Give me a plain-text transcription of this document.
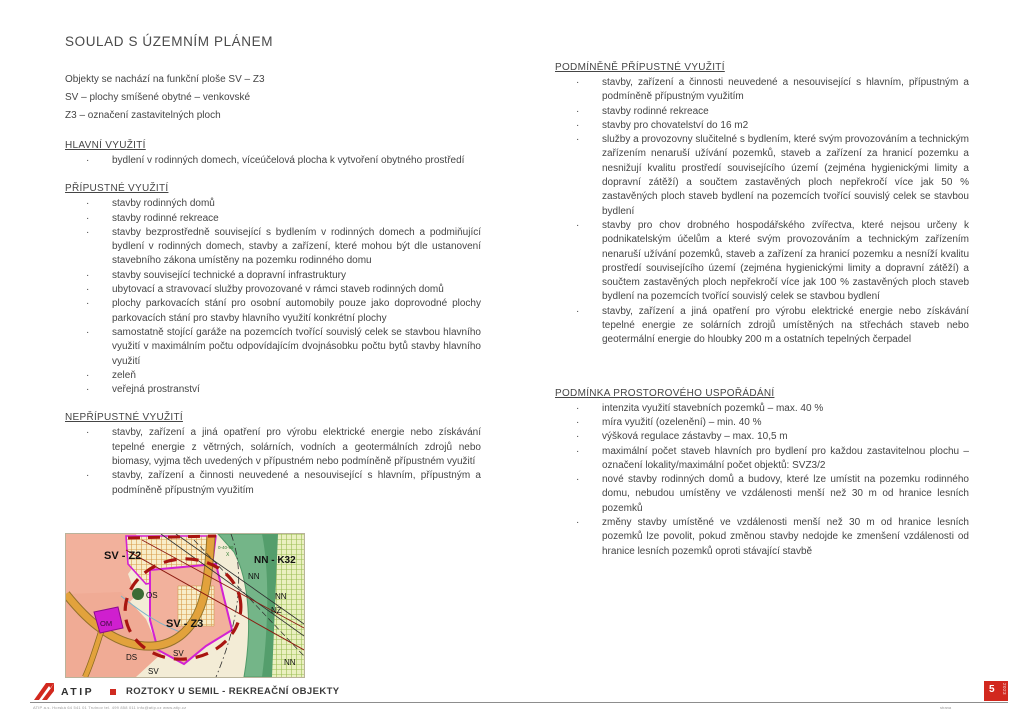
SOULAD S ÚZEMNÍM PLÁNEM
Objekty se nachází na funkční ploše SV – Z3
SV – plochy smíšené obytné – venkovské
Z3 – označení zastavitelných ploch
HLAVNÍ VYUŽITÍ
· bydlení v rodinných domech, víceúčelová plocha k vytvoření obytného prostředí
PŘÍPUSTNÉ VYUŽITÍ
· stavby rodinných domů
· stavby rodinné rekreace
· stavby bezprostředně související s bydlením v rodinných domech a podmiňující bydlení v rodinných domech, stavby a zařízení, které mohou být dle ustanovení stavebního zákona umístěny na pozemku rodinného domu
· stavby související technické a dopravní infrastruktury
· ubytovací a stravovací služby provozované v rámci staveb rodinných domů
· plochy parkovacích stání pro osobní automobily pouze jako doprovodné plochy parkovacích stání pro stavby hlavního využití konkrétní plochy
· samostatně stojící garáže na pozemcích tvořící souvislý celek se stavbou hlavního využití v maximálním počtu odpovídajícím dvojnásobku počtu bytů stavby hlavního využití
· zeleň
· veřejná prostranství
NEPŘÍPUSTNÉ VYUŽITÍ
· stavby, zařízení a jiná opatření pro výrobu elektrické energie nebo získávání tepelné energie z větrných, solárních, vodních a geotermálních zdrojů nebo biomasy, vyjma těch uvedených v přípustném nebo podmíněně přípustném využití
· stavby, zařízení a činnosti neuvedené a nesouvisející s hlavním, přípustným a podmíněně přípustným využitím
PODMÍNĚNĚ PŘÍPUSTNÉ VYUŽITÍ
· stavby, zařízení a činnosti neuvedené a nesouvisející s hlavním, přípustným a podmíněně přípustným využitím
· stavby rodinné rekreace
· stavby pro chovatelství do 16 m2
· služby a provozovny slučitelné s bydlením, které svým provozováním a technickým zařízením nenaruší užívání pozemků, staveb a zařízení za hranicí pozemku a nesnižují kvalitu prostředí souvisejícího území (zejména hygienickými limity a dopravní zátěží) a součtem zastavěných ploch nepřekročí více jak 50 % zastavěných ploch staveb bydlení na pozemcích tvořící souvislý celek se stavbou bydlení
· stavby pro chov drobného hospodářského zvířectva, které nejsou určeny k podnikatelským účelům a které svým provozováním a technickým zařízením nenaruší užívání pozemků, staveb a zařízení za hranicí pozemku a nesníží kvalitu prostředí souvisejícího území (zejména hygienickými limity a dopravní zátěží) a součtem zastavěných ploch nepřekročí více jak 100 % zastavěných ploch staveb bydlení na pozemcích tvořící souvislý celek se stavbou bydlení
· stavby, zařízení a jiná opatření pro výrobu elektrické energie nebo získávání tepelné energie ze solárních zdrojů umístěných na střechách staveb nebo geotermální energie do hloubky 200 m a ostatních tepelných čerpadel
PODMÍNKA PROSTOROVÉHO USPOŘÁDÁNÍ
· intenzita využití stavebních pozemků – max. 40 %
· míra využití (ozelenění) – min. 40 %
· výšková regulace zástavby – max. 10,5 m
· maximální počet staveb hlavních pro bydlení pro každou zastavitelnou plochu – označení lokality/maximální počet objektů: SVZ3/2
· nové stavby rodinných domů a budovy, které lze umístit na pozemku rodinného domu, nebudou umístěny ve vzdálenosti menší než 30 m od hranice lesních pozemků
· změny stavby umístěné ve vzdálenosti menší než 30 m od hranice lesních pozemků lze povolit, pokud změnou stavby nedojde ke zmenšení vzdálenosti od hranice lesních pozemků oproti stávající stavbě
SV - Z2	NN - K32
SV - Z3
NN
NN
NN
NZ
OM
OS
DS	SV
SV
0-40-99
X
ATIP	ROZTOKY U SEMIL - REKREAČNÍ OBJEKTY
ATIP a.s. Horská 64 541 01 Trutnov tel. 499 858 011 info@atip.cz www.atip.cz	strana
5 2023
